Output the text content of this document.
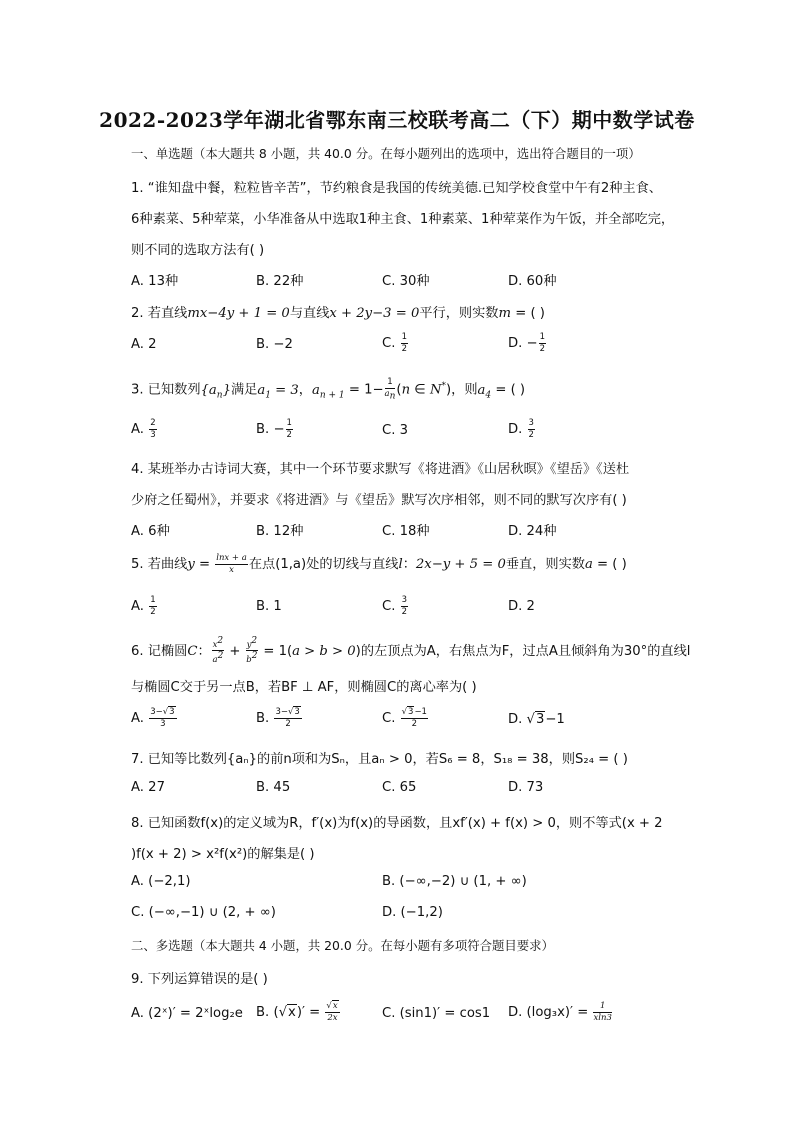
2022-2023学年湖北省鄂东南三校联考高二（下）期中数学试卷
一、单选题（本大题共 8 小题，共 40.0 分。在每小题列出的选项中，选出符合题目的一项）
1. “谁知盘中餐，粒粒皆辛苦”，节约粮食是我国的传统美德.已知学校食堂中午有2种主食、
6种素菜、5种荤菜，小华准备从中选取1种主食、1种素菜、1种荤菜作为午饭，并全部吃完，
则不同的选取方法有( )
A. 13种	B. 22种	C. 30种	D. 60种
2. 若直线mx−4y + 1 = 0与直线x + 2y−3 = 0平行，则实数m = ( )
A. 2	B. −2	C. $\frac{1}{2}$	D. − $\frac{1}{2}$
3. 已知数列$\{a_n\}$满足$a_1 = 3$，$a_{n + 1} = 1- \frac{1}{a_n} (n$ ∈ N*)，则$a_4$ = ( )
A. $\frac{2}{3}$	B. − $\frac{1}{2}$	C. 3	D. $\frac{3}{2}$
4. 某班举办古诗词大赛，其中一个环节要求默写《将进酒》《山居秋暝》《望岳》《送杜
少府之任蜀州》，并要求《将进酒》与《望岳》默写次序相邻，则不同的默写次序有( )
A. 6种	B. 12种	C. 18种	D. 24种
5. 若曲线$y = \frac{\ln x + a}{x}$ 在点(1,a)处的切线与直线l：2x−y + 5 = 0垂直，则实数a = ( )
A. $\frac{1}{2}$	B. 1	C. $\frac{3}{2}$	D. 2
6. 记椭圆C： $\frac{x^2}{a^2} + \frac{y^2}{b^2} = 1(a > b > 0)$的左顶点为A，右焦点为F，过点A且倾斜角为30°的直线l
与椭圆C交于另一点B，若BF ⊥ AF，则椭圆C的离心率为( )
A. $\frac{3-√3}{3}$	B. $\frac{3-√3}{2}$	C. $\frac{√3-1}{2}$	D. √3−1
7. 已知等比数列{aₙ}的前n项和为Sₙ，且aₙ > 0，若S₆ = 8，S₁₈ = 38，则S₂₄ = ( )
A. 27	B. 45	C. 65	D. 73
8. 已知函数f(x)的定义域为R，f′(x)为f(x)的导函数，且xf′(x) + f(x) > 0，则不等式(x + 2
)f(x + 2) > x²f(x²)的解集是( )
A. (−2,1)	B. (−∞,−2) ∪ (1, + ∞)
C. (−∞,−1) ∪ (2, + ∞)	D. (−1,2)
二、多选题（本大题共 4 小题，共 20.0 分。在每小题有多项符合题目要求）
9. 下列运算错误的是( )
A. (2ˣ)′ = 2ˣlog₂e B. $(√x)' = \frac{√x}{2x}$	C. (sin1)′ = cos1 D. $(\log_3x)' = \frac{1}{xln3}$
